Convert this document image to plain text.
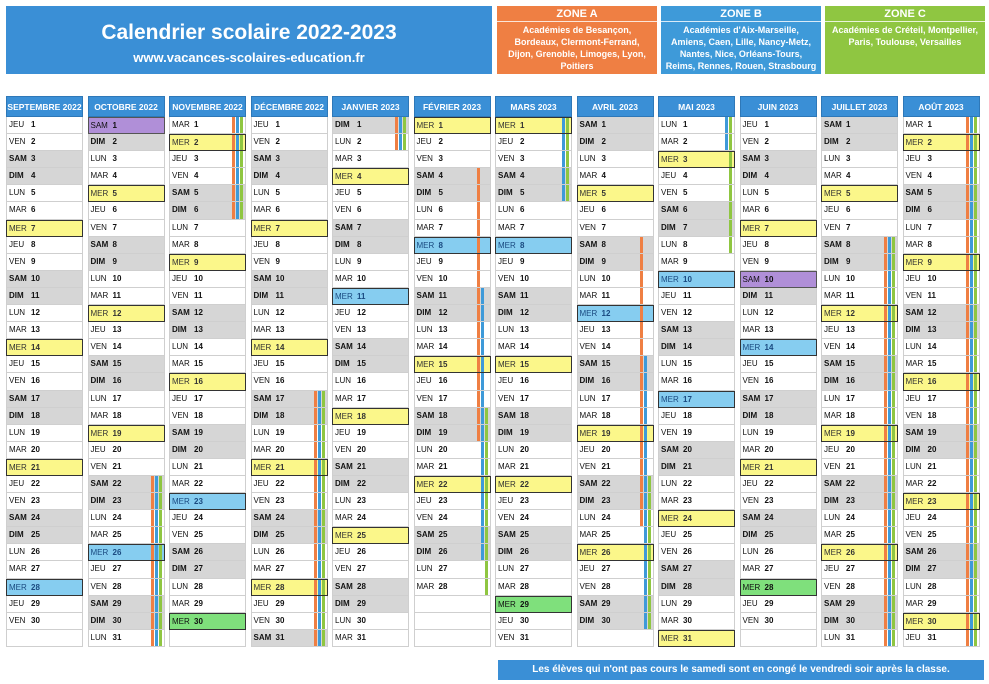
Calendrier scolaire 2022-2023
www.vacances-scolaires-education.fr
ZONE A
Académies de Besançon, Bordeaux, Clermont-Ferrand, Dijon, Grenoble, Limoges, Lyon, Poitiers
ZONE B
Académies d'Aix-Marseille, Amiens, Caen, Lille, Nancy-Metz, Nantes, Nice, Orléans-Tours, Reims, Rennes, Rouen, Strasbourg
ZONE C
Académies de Créteil, Montpellier, Paris, Toulouse, Versailles
SEPTEMBRE 2022
JEU 1
VEN 2
SAM 3
DIM 4
LUN 5
MAR 6
MER 7
JEU 8
VEN 9
SAM 10
DIM 11
LUN 12
MAR 13
MER 14
JEU 15
VEN 16
SAM 17
DIM 18
LUN 19
MAR 20
MER 21
JEU 22
VEN 23
SAM 24
DIM 25
LUN 26
MAR 27
MER 28
JEU 29
VEN 30
OCTOBRE 2022
SAM 1
DIM 2
LUN 3
MAR 4
MER 5
JEU 6
VEN 7
SAM 8
DIM 9
LUN 10
MAR 11
MER 12
JEU 13
VEN 14
SAM 15
DIM 16
LUN 17
MAR 18
MER 19
JEU 20
VEN 21
SAM 22
DIM 23
LUN 24
MAR 25
MER 26
JEU 27
VEN 28
SAM 29
DIM 30
LUN 31
NOVEMBRE 2022
MAR 1
MER 2
JEU 3
VEN 4
SAM 5
DIM 6
LUN 7
MAR 8
MER 9
JEU 10
VEN 11
SAM 12
DIM 13
LUN 14
MAR 15
MER 16
JEU 17
VEN 18
SAM 19
DIM 20
LUN 21
MAR 22
MER 23
JEU 24
VEN 25
SAM 26
DIM 27
LUN 28
MAR 29
MER 30
DÉCEMBRE 2022
JEU 1
VEN 2
SAM 3
DIM 4
LUN 5
MAR 6
MER 7
JEU 8
VEN 9
SAM 10
DIM 11
LUN 12
MAR 13
MER 14
JEU 15
VEN 16
SAM 17
DIM 18
LUN 19
MAR 20
MER 21
JEU 22
VEN 23
SAM 24
DIM 25
LUN 26
MAR 27
MER 28
JEU 29
VEN 30
SAM 31
JANVIER 2023
DIM 1
LUN 2
MAR 3
MER 4
JEU 5
VEN 6
SAM 7
DIM 8
LUN 9
MAR 10
MER 11
JEU 12
VEN 13
SAM 14
DIM 15
LUN 16
MAR 17
MER 18
JEU 19
VEN 20
SAM 21
DIM 22
LUN 23
MAR 24
MER 25
JEU 26
VEN 27
SAM 28
DIM 29
LUN 30
MAR 31
FÉVRIER 2023
MER 1
JEU 2
VEN 3
SAM 4
DIM 5
LUN 6
MAR 7
MER 8
JEU 9
VEN 10
SAM 11
DIM 12
LUN 13
MAR 14
MER 15
JEU 16
VEN 17
SAM 18
DIM 19
LUN 20
MAR 21
MER 22
JEU 23
VEN 24
SAM 25
DIM 26
LUN 27
MAR 28
MARS 2023
MER 1
JEU 2
VEN 3
SAM 4
DIM 5
LUN 6
MAR 7
MER 8
JEU 9
VEN 10
SAM 11
DIM 12
LUN 13
MAR 14
MER 15
JEU 16
VEN 17
SAM 18
DIM 19
LUN 20
MAR 21
MER 22
JEU 23
VEN 24
SAM 25
DIM 26
LUN 27
MAR 28
MER 29
JEU 30
VEN 31
AVRIL 2023
SAM 1
DIM 2
LUN 3
MAR 4
MER 5
JEU 6
VEN 7
SAM 8
DIM 9
LUN 10
MAR 11
MER 12
JEU 13
VEN 14
SAM 15
DIM 16
LUN 17
MAR 18
MER 19
JEU 20
VEN 21
SAM 22
DIM 23
LUN 24
MAR 25
MER 26
JEU 27
VEN 28
SAM 29
DIM 30
MAI 2023
LUN 1
MAR 2
MER 3
JEU 4
VEN 5
SAM 6
DIM 7
LUN 8
MAR 9
MER 10
JEU 11
VEN 12
SAM 13
DIM 14
LUN 15
MAR 16
MER 17
JEU 18
VEN 19
SAM 20
DIM 21
LUN 22
MAR 23
MER 24
JEU 25
VEN 26
SAM 27
DIM 28
LUN 29
MAR 30
MER 31
JUIN 2023
JEU 1
VEN 2
SAM 3
DIM 4
LUN 5
MAR 6
MER 7
JEU 8
VEN 9
SAM 10
DIM 11
LUN 12
MAR 13
MER 14
JEU 15
VEN 16
SAM 17
DIM 18
LUN 19
MAR 20
MER 21
JEU 22
VEN 23
SAM 24
DIM 25
LUN 26
MAR 27
MER 28
JEU 29
VEN 30
JUILLET 2023
SAM 1
DIM 2
LUN 3
MAR 4
MER 5
JEU 6
VEN 7
SAM 8
DIM 9
LUN 10
MAR 11
MER 12
JEU 13
VEN 14
SAM 15
DIM 16
LUN 17
MAR 18
MER 19
JEU 20
VEN 21
SAM 22
DIM 23
LUN 24
MAR 25
MER 26
JEU 27
VEN 28
SAM 29
DIM 30
LUN 31
AOÛT 2023
MAR 1
MER 2
JEU 3
VEN 4
SAM 5
DIM 6
LUN 7
MAR 8
MER 9
JEU 10
VEN 11
SAM 12
DIM 13
LUN 14
MAR 15
MER 16
JEU 17
VEN 18
SAM 19
DIM 20
LUN 21
MAR 22
MER 23
JEU 24
VEN 25
SAM 26
DIM 27
LUN 28
MAR 29
MER 30
JEU 31
Les élèves qui n'ont pas cours le samedi sont en congé le vendredi soir après la classe.
